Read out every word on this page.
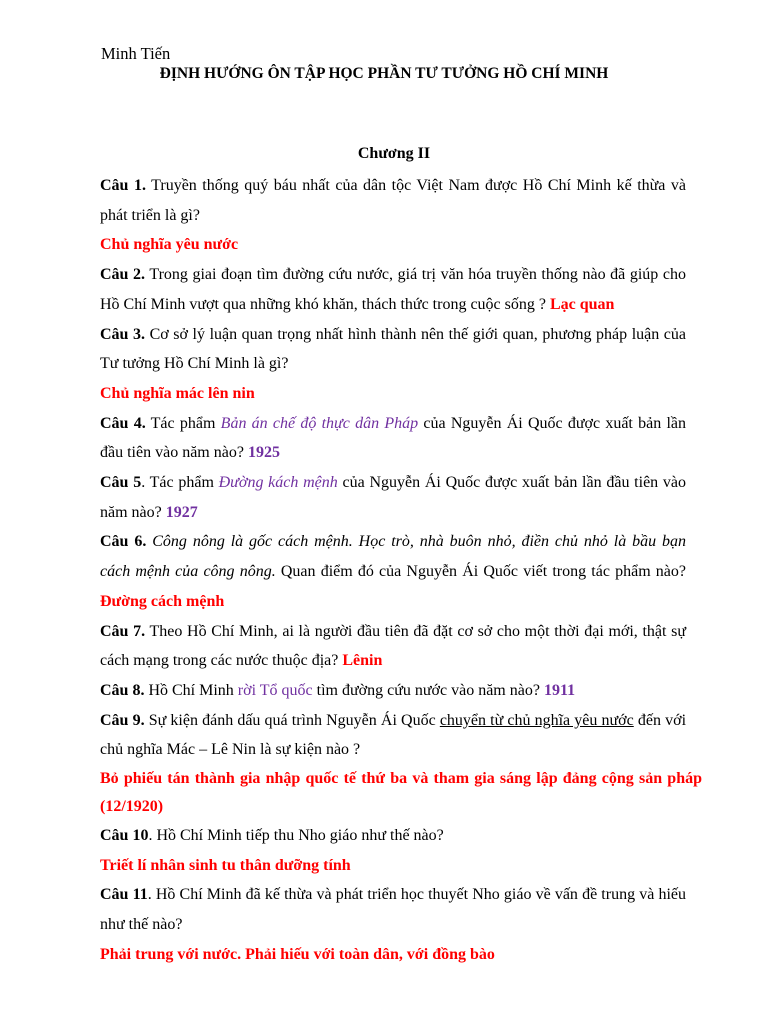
Minh Tiến
ĐỊNH HƯỚNG ÔN TẬP HỌC PHẦN TƯ TƯỞNG HỒ CHÍ MINH
Chương II

Câu 1. Truyền thống quý báu nhất của dân tộc Việt Nam được Hồ Chí Minh kế thừa và phát triển là gì?

Chủ nghĩa yêu nước

Câu 2. Trong giai đoạn tìm đường cứu nước, giá trị văn hóa truyền thống nào đã giúp cho Hồ Chí Minh vượt qua những khó khăn, thách thức trong cuộc sống ? Lạc quan

Câu 3. Cơ sở lý luận quan trọng nhất hình thành nên thế giới quan, phương pháp luận của Tư tưởng Hồ Chí Minh là gì?

Chủ nghĩa mác lên nin

Câu 4. Tác phẩm Bản án chế độ thực dân Pháp của Nguyễn Ái Quốc được xuất bản lần đầu tiên vào năm nào? 1925

Câu 5. Tác phẩm Đường kách mệnh của Nguyễn Ái Quốc được xuất bản lần đầu tiên vào năm nào? 1927

Câu 6. Công nông là gốc cách mệnh. Học trò, nhà buôn nhỏ, điền chủ nhỏ là bầu bạn cách mệnh của công nông. Quan điểm đó của Nguyễn Ái Quốc viết trong tác phẩm nào? Đường cách mệnh

Câu 7. Theo Hồ Chí Minh, ai là người đầu tiên đã đặt cơ sở cho một thời đại mới, thật sự cách mạng trong các nước thuộc địa? Lênin

Câu 8. Hồ Chí Minh rời Tổ quốc tìm đường cứu nước vào năm nào? 1911

Câu 9. Sự kiện đánh dấu quá trình Nguyễn Ái Quốc chuyển từ chủ nghĩa yêu nước đến với chủ nghĩa Mác – Lê Nin là sự kiện nào ?

Bỏ phiếu tán thành gia nhập quốc tế thứ ba và tham gia sáng lập đảng cộng sản pháp (12/1920)

Câu 10. Hồ Chí Minh tiếp thu Nho giáo như thế nào?

Triết lí nhân sinh tu thân dưỡng tính

Câu 11. Hồ Chí Minh đã kế thừa và phát triển học thuyết Nho giáo về vấn đề trung và hiếu như thế nào?

Phải trung với nước. Phải hiếu với toàn dân, với đồng bào
